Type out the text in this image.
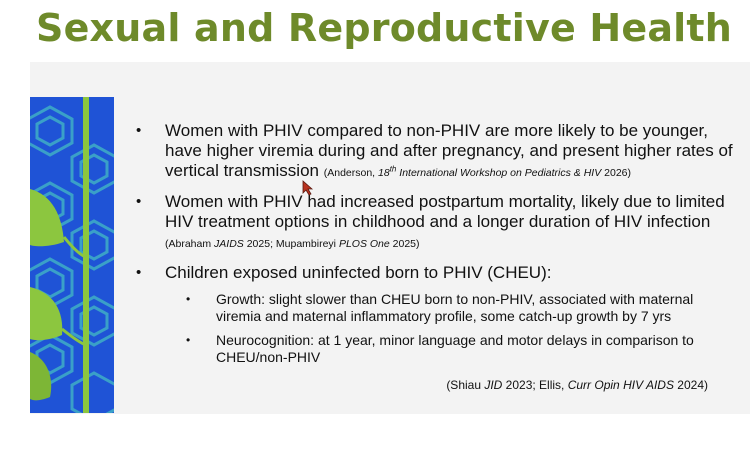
Sexual and Reproductive Health
• Women with PHIV compared to non-PHIV are more likely to be younger, have higher viremia during and after pregnancy, and present higher rates of vertical transmission (Anderson, 18th International Workshop on Pediatrics & HIV 2026)
• Women with PHIV had increased postpartum mortality, likely due to limited HIV treatment options in childhood and a longer duration of HIV infection (Abraham JAIDS 2025; Mupambireyi PLOS One 2025)
• Children exposed uninfected born to PHIV (CHEU):
• Growth: slight slower than CHEU born to non-PHIV, associated with maternal viremia and maternal inflammatory profile, some catch-up growth by 7 yrs
• Neurocognition: at 1 year, minor language and motor delays in comparison to CHEU/non-PHIV
(Shiau JID 2023; Ellis, Curr Opin HIV AIDS 2024)
